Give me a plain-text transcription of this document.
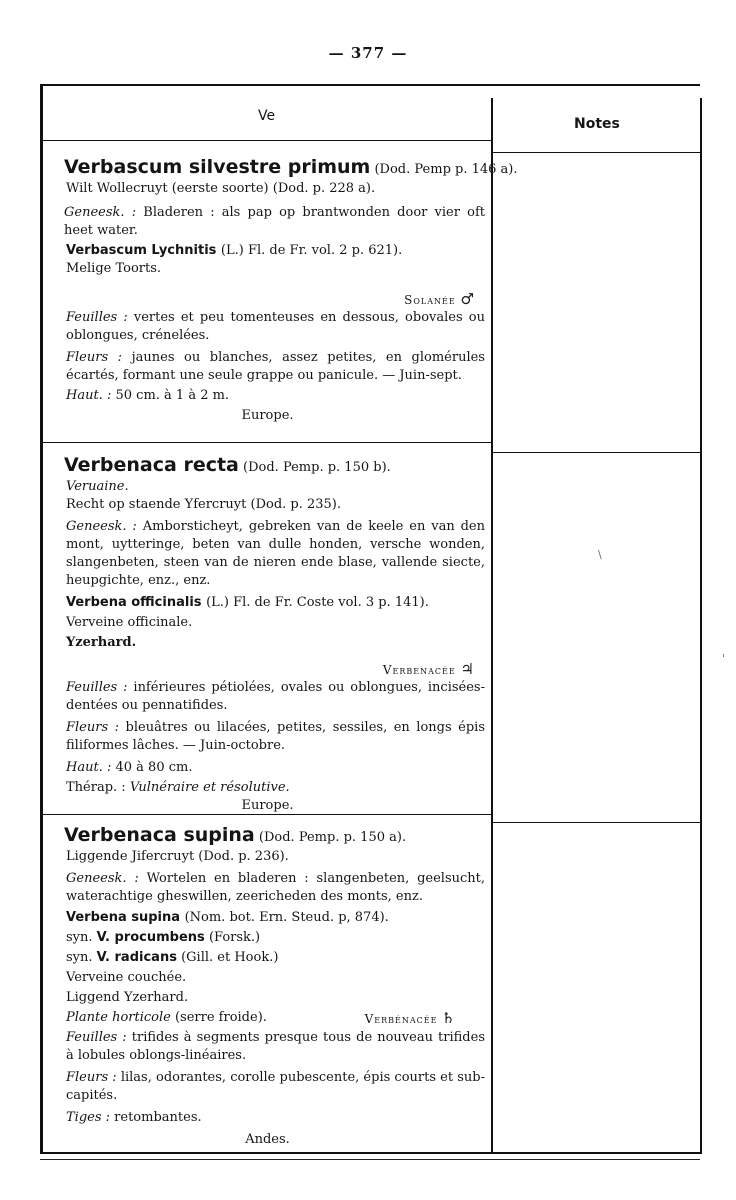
— 377 —
Ve	Notes
\
'
Verbascum silvestre primum (Dod. Pemp p. 146 a).
Wilt Wollecruyt (eerste soorte) (Dod. p. 228 a).
Geneesk. : Bladeren : als pap op brantwonden door vier oft heet water.
Verbascum Lychnitis (L.) Fl. de Fr. vol. 2 p. 621).
Melige Toorts.
Solanée ♂
Feuilles : vertes et peu tomenteuses en dessous, obovales ou oblongues, crénelées.
Fleurs : jaunes ou blanches, assez petites, en glomérules écartés, formant une seule grappe ou panicule. — Juin-sept.
Haut. : 50 cm. à 1 à 2 m.
Europe.
Verbenaca recta (Dod. Pemp. p. 150 b).
Veruaine.
Recht op staende Yfercruyt (Dod. p. 235).
Geneesk. : Amborsticheyt, gebreken van de keele en van den mont, uytteringe, beten van dulle honden, versche wonden, slangenbeten, steen van de nieren ende blase, vallende siecte, heupgichte, enz., enz.
Verbena officinalis (L.) Fl. de Fr. Coste vol. 3 p. 141).
Verveine officinale.
Yzerhard.
Verbenacée ♃
Feuilles : inférieures pétiolées, ovales ou oblongues, incisées-dentées ou pennatifides.
Fleurs : bleuâtres ou lilacées, petites, sessiles, en longs épis filiformes lâches. — Juin-octobre.
Haut. : 40 à 80 cm.
Thérap. : Vulnéraire et résolutive.
Europe.
Verbenaca supina (Dod. Pemp. p. 150 a).
Liggende Jifercruyt (Dod. p. 236).
Geneesk. : Wortelen en bladeren : slangenbeten, geelsucht, waterachtige gheswillen, zeericheden des monts, enz.
Verbena supina (Nom. bot. Ern. Steud. p, 874).
syn. V. procumbens (Forsk.)
syn. V. radicans (Gill. et Hook.)
Verveine couchée.
Liggend Yzerhard.
Plante horticole (serre froide).	Verbénacée ♄
Feuilles : trifides à segments presque tous de nouveau trifides à lobules oblongs-linéaires.
Fleurs : lilas, odorantes, corolle pubescente, épis courts et sub-capités.
Tiges : retombantes.
Andes.
